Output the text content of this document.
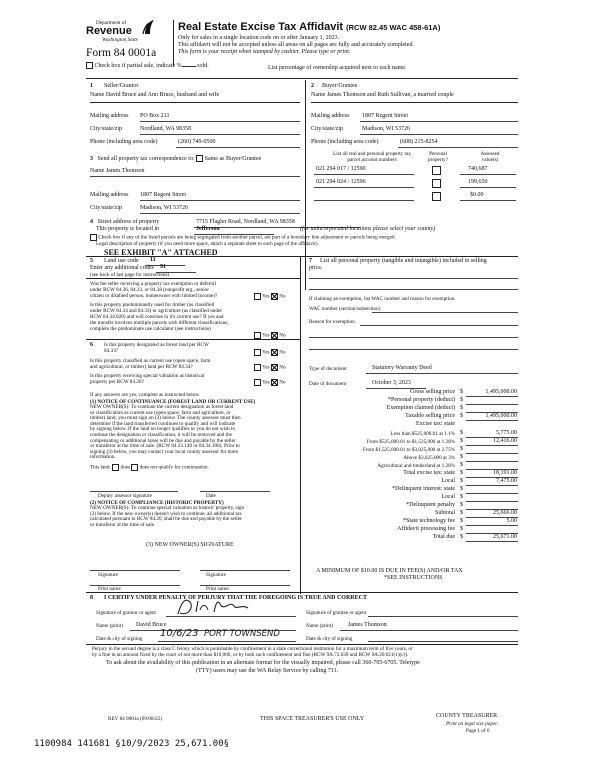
Department of
Revenue
Washington State
Form 84 0001a
Check box if partial sale, indicate %	sold.
Real Estate Excise Tax Affidavit (RCW 82.45 WAC 458-61A)
Only for sales in a single location code on or after January 1, 2023.
This affidavit will not be accepted unless all areas on all pages are fully and accurately completed.
This form is your receipt when stamped by cashier. Please type or print.
List percentage of ownership acquired next to each name.
1 Seller/Grantor
Name David Bruce and Ann Bruce, husband and wife
Mailing address PO Box 211
City/state/zip	Nordland, WA 98358
Phone (including area code)	(260) 749-0500
2 Buyer/Grantee
Name James Thomson and Ruth Sullivan, a married couple
Mailing address 1807 Regent Street
City/state/zip	Madison, WI 53726
Phone (including area code)	(608) 215-8254
3 Send all property tax correspondence to: Same as Buyer/Grantee
Name James Thomson
Mailing address 1807 Regent Street
City/state/zip	Madison, WI 53726
List all real and personal property tax
parcel account numbers
Personal
property?
Assessed
value(s)
021 294 017 / 12590	740,687
021 294 024 / 12596	199,650
$0.00
4 Street address of property	7715 Flagler Road, Nordland, WA 98358
This property is located in	Jefferson	(for unincorporated locations please select your county)
Check box if any of the listed parcels are being segregated from another parcel, are part of a boundary line adjustment or parcels being merged.
Legal description of property (if you need more space, attach a separate sheet to each page of the affidavit).
SEE EXHIBIT "A" ATTACHED
5 Land use code 11
Enter any additional codes 91
(see back of last page for instructions)
Was the seller receiving a property tax exemption or deferral
under RCW 84.36, 84.33, or 84.38 (nonprofit org., senior
citizen or disabled person, homeowner with limited income)?	Yes No
Is this property predominantly used for timber (as classified
under RCW 84.34 and 84.33) or agriculture (as classified under
RCW 84.34.020) and will continue in it's current use? If yes and
the transfer involves multiple parcels with different classifications,
complete the predominate use calculator (see instructions)
Yes No
6 Is this property designated as forest land per RCW
84.33?	Yes No
Is this property classified as current use (open space, farm
and agricultural, or timber) land per RCW 84.34?	Yes No
Is this property receiving special valuation as historical
property per RCW 84.26?	Yes No
If any answers are yes, complete as instructed below.
(1) NOTICE OF CONTINUANCE (FOREST LAND OR CURRENT USE)
NEW OWNER(S): To continue the current designation as forest land
or classification as current use (open space, farm and agriculture, or
timber) land, you must sign on (3) below. The county assessor must then
determine if the land transferred continues to qualify and will indicate
by signing below. If the land no longer qualifies or you do not wish to
continue the designation or classification, it will be removed and the
compensating or additional taxes will be due and payable by the seller
or transferor at the time of sale. (RCW 84.33.140 or 84.34.108). Prior to
signing (3) below, you may contact your local county assessor for more
information.
This land: does does not qualify for continuation.
Deputy assessor signature	Date
(2) NOTICE OF COMPLIANCE (HISTORIC PROPERTY)
NEW OWNER(S): To continue special valuation as historic property, sign
(3) below. If the new owner(s) doesn't wish to continue, all additional tax
calculated pursuant to RCW 84.26, shall be due and payable by the seller
or transferor at the time of sale.
(3) NEW OWNER(S) SIGNATURE
Signature	Signature
Print name	Print name
7 List all personal property (tangible and intangible) included in selling
price.
If claiming an exemption, list WAC number and reason for exemption.
WAC number (section/subsection)
Reason for exemption
Type of document	Statutory Warranty Deed
Date of document	October 3, 2023
Gross selling price $	1,495,000.00
*Personal property (deduct) $
Exemption claimed (deduct) $
Taxable selling price $	1,495,000.00
Excise tax: state
Less than $525,000.01 at 1.1% $	5,775.00
From $525,000.01 to $1,525,000 at 1.28% $	12,416.00
From $1,525,000.01 to $3,025,000 at 2.75% $
Above $3,025,000 at 3% $
Agricultural and timberland at 1.28% $
Total excise tax: state $	18,191.00
Local $	7,475.00
*Delinquent interest: state $
Local $
*Delinquent penalty $
Subtotal $	25,666.00
*State technology fee $	5.00
Affidavit processing fee $
Total due $	25,671.00
A MINIMUM OF $10.00 IS DUE IN FEE(S) AND/OR TAX
*SEE INSTRUCTIONS
8 I CERTIFY UNDER PENALTY OF PERJURY THAT THE FOREGOING IS TRUE AND CORRECT
Signature of grantor or agent	Signature of grantee or agent
Name (print) David Bruce	Name (print)	James Thomson
Date & city of signing 10/6/23 PORT TOWNSEND	Date & city of signing
Perjury in the second degree is a class C felony which is punishable by confinement in a state correctional institution for a maximum term of five years, or
by a fine in an amount fixed by the court of not more than $10,000, or by both such confinement and fine (RCW 9A.72.030 and RCW 9A.20.021(1)(c)).
To ask about the availability of this publication in an alternate format for the visually impaired, please call 360-705-6705. Teletype
(TTY) users may use the WA Relay Service by calling 711.
REV 84 0001a (09/08/22)	THIS SPACE TREASURER'S USE ONLY	COUNTY TREASURER
Print on legal size paper.
Page 1 of 6
1100984 141681 §10/9/2023 25,671.00§
